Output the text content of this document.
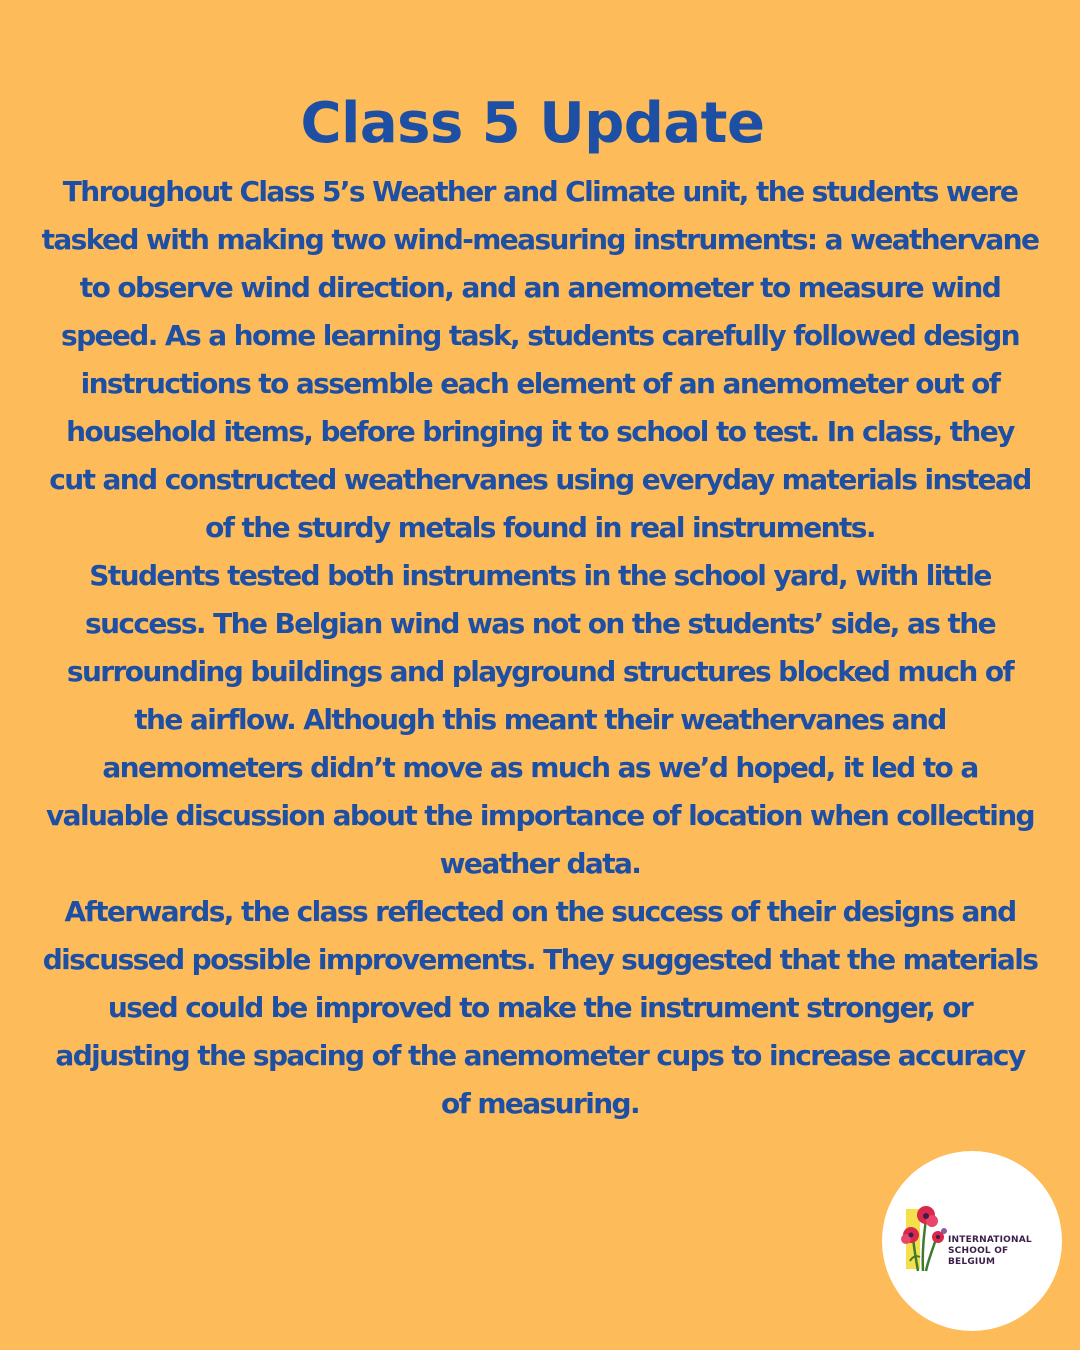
Class 5 Update

Throughout Class 5’s Weather and Climate unit, the students were tasked with making two wind-measuring instruments: a weathervane to observe wind direction, and an anemometer to measure wind speed. As a home learning task, students carefully followed design instructions to assemble each element of an anemometer out of household items, before bringing it to school to test. In class, they cut and constructed weathervanes using everyday materials instead of the sturdy metals found in real instruments.

Students tested both instruments in the school yard, with little success. The Belgian wind was not on the students’ side, as the surrounding buildings and playground structures blocked much of the airflow. Although this meant their weathervanes and anemometers didn’t move as much as we’d hoped, it led to a valuable discussion about the importance of location when collecting weather data.

Afterwards, the class reflected on the success of their designs and discussed possible improvements. They suggested that the materials used could be improved to make the instrument stronger, or adjusting the spacing of the anemometer cups to increase accuracy of measuring.

INTERNATIONAL
SCHOOL OF
BELGIUM
